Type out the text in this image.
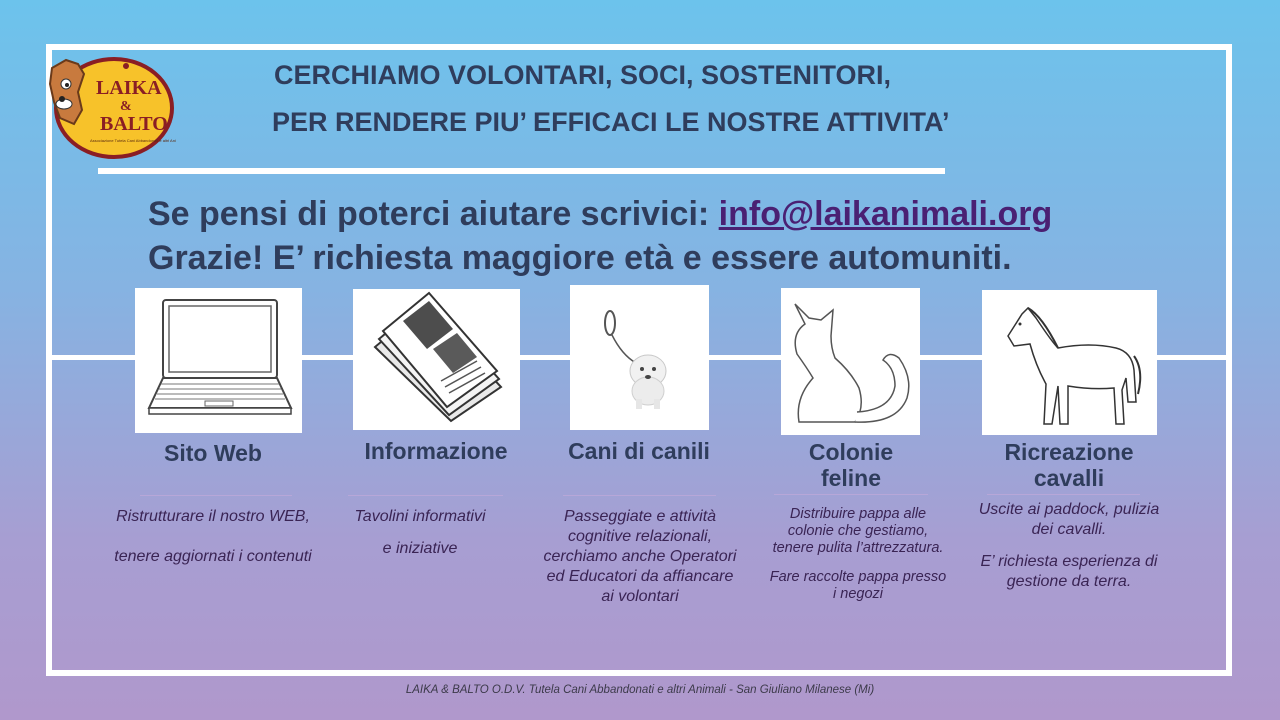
LAIKA
&
BALTO
Associazione Tutela Cani Abbandonati e altri Animali
CERCHIAMO VOLONTARI, SOCI, SOSTENITORI,
PER RENDERE PIU’ EFFICACI LE NOSTRE ATTIVITA’
Se pensi di poterci aiutare scrivici: info@laikanimali.org
Grazie! E’ richiesta maggiore età e essere automuniti.
Sito Web

Ristrutturare il nostro WEB,

tenere aggiornati i contenuti

Informazione

Tavolini informativi

e iniziative

Cani di canili
Passeggiate e attività cognitive relazionali, cerchiamo anche Operatori ed Educatori da affiancare ai volontari
Colonie
feline

Distribuire pappa alle colonie che gestiamo, tenere pulita l’attrezzatura.

Fare raccolte pappa presso i negozi

Ricreazione
cavalli

Uscite ai paddock, pulizia dei cavalli.

E’ richiesta esperienza di gestione da terra.

LAIKA & BALTO O.D.V. Tutela Cani Abbandonati e altri Animali - San Giuliano Milanese (Mi)
